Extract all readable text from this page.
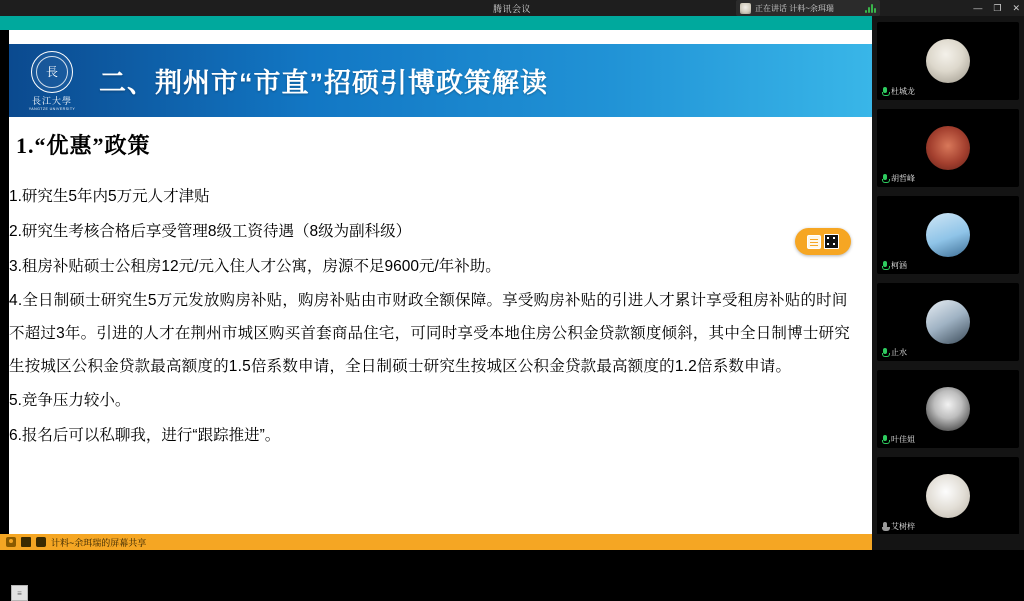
腾讯会议	正在讲话 计料~余珥瑞	— ❐ ✕
長
長江大學
YANGTZE UNIVERSITY
二、荆州市“市直”招硕引博政策解读
1.“优惠”政策
1.研究生5年内5万元人才津贴
2.研究生考核合格后享受管理8级工资待遇（8级为副科级）
3.租房补贴硕士公租房12元/元入住人才公寓，房源不足9600元/年补助。
4.全日制硕士研究生5万元发放购房补贴，购房补贴由市财政全额保障。享受购房补贴的引进人才累计享受租房补贴的时间不超过3年。引进的人才在荆州市城区购买首套商品住宅，可同时享受本地住房公积金贷款额度倾斜，其中全日制博士研究生按城区公积金贷款最高额度的1.5倍系数申请，全日制硕士研究生按城区公积金贷款最高额度的1.2倍系数申请。
5.竞争压力较小。
6.报名后可以私聊我，进行“跟踪推进”。
≡
杜城龙
胡哲峰
柯涵
止水
叶佳姐
艾树梓
计料~余珥瑞的屏幕共享
